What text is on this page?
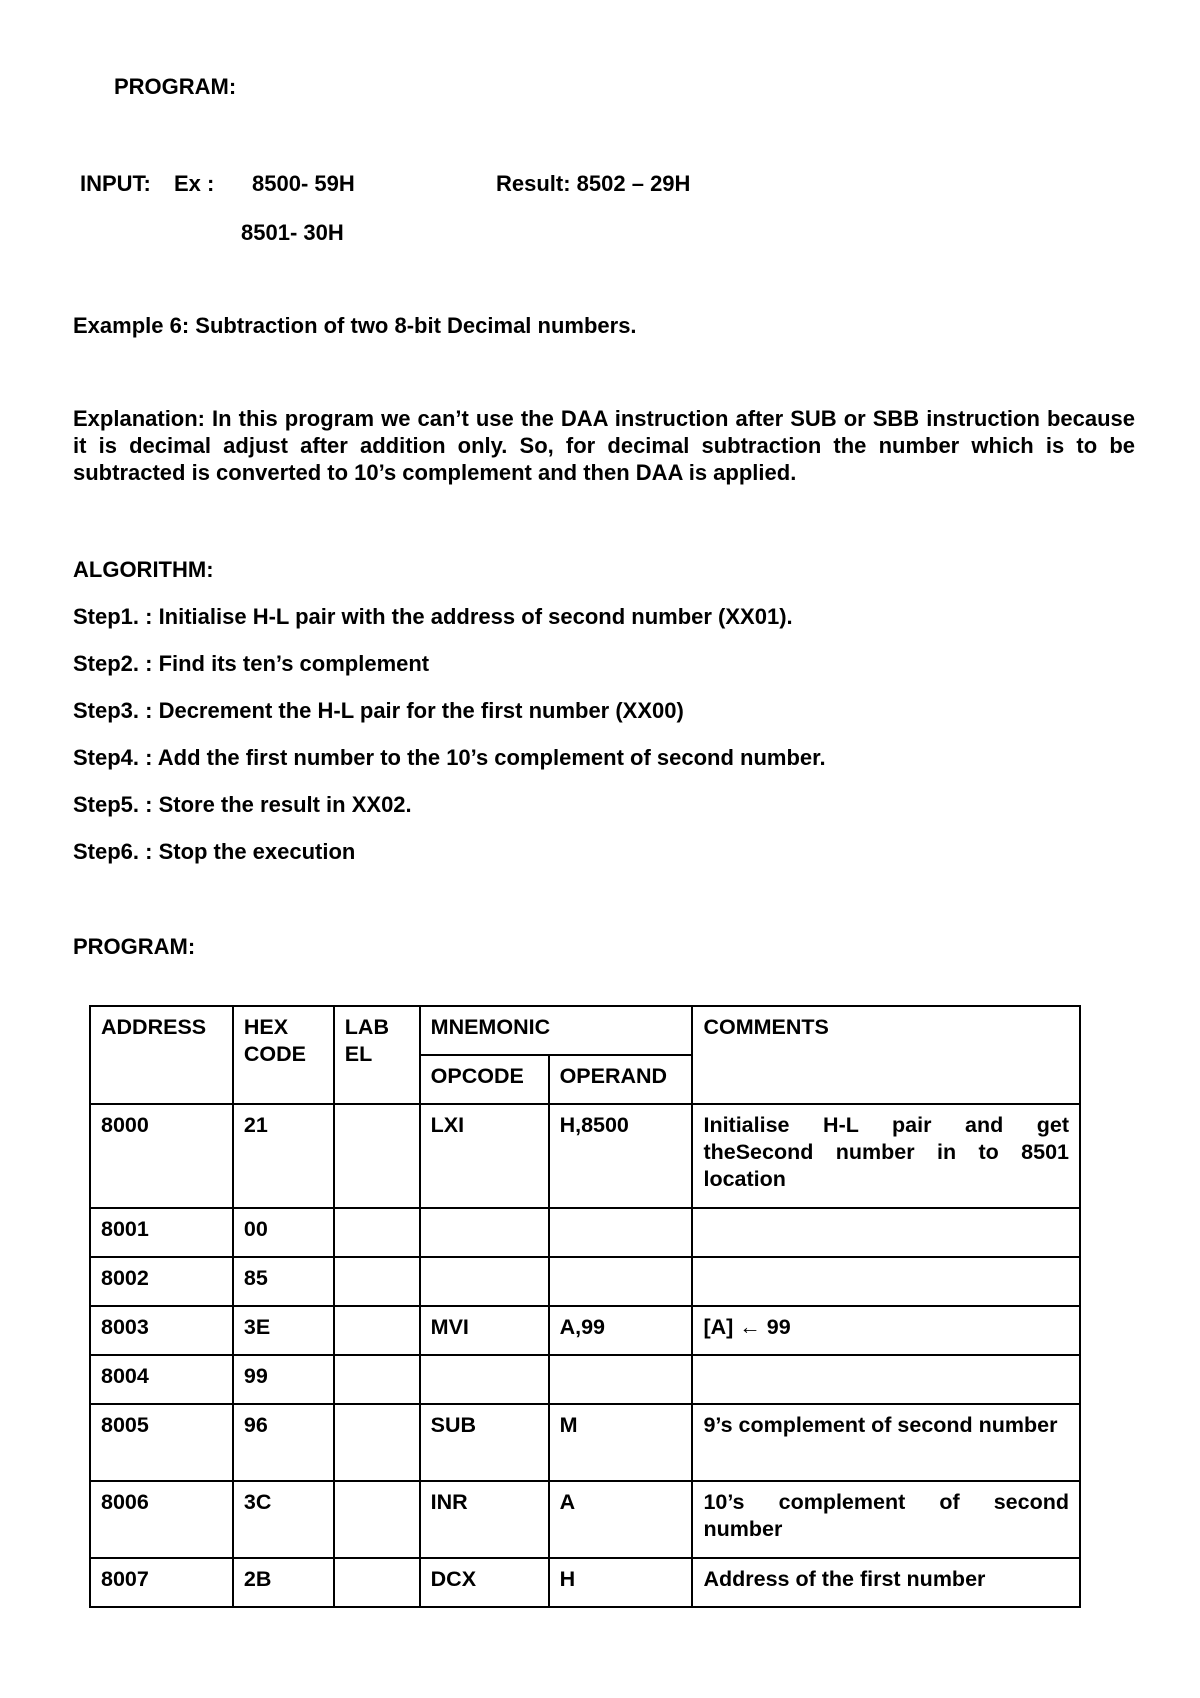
PROGRAM:
INPUT: Ex : 8500- 59H
8501- 30H
Result: 8502 – 29H
Example 6: Subtraction of two 8-bit Decimal numbers.
Explanation: In this program we can’t use the DAA instruction after SUB or SBB instruction because it is decimal adjust after addition only. So, for decimal subtraction the number which is to be subtracted is converted to 10’s complement and then DAA is applied.
ALGORITHM:
Step1. : Initialise H-L pair with the address of second number (XX01).
Step2. : Find its ten’s complement
Step3. : Decrement the H-L pair for the first number (XX00)
Step4. : Add the first number to the 10’s complement of second number.
Step5. : Store the result in XX02.
Step6. : Stop the execution
PROGRAM:
ADDRESS	HEX CODE	LAB EL	MNEMONIC		COMMENTS
			OPCODE	OPERAND	
8000	21		LXI	H,8500	Initialise H-L pair and get theSecond number in to 8501 location
8001	00				
8002	85				
8003	3E		MVI	A,99	[A] ← 99
8004	99				
8005	96		SUB	M	9’s complement of second number
8006	3C		INR	A	10’s complement of second number
8007	2B		DCX	H	Address of the first number
